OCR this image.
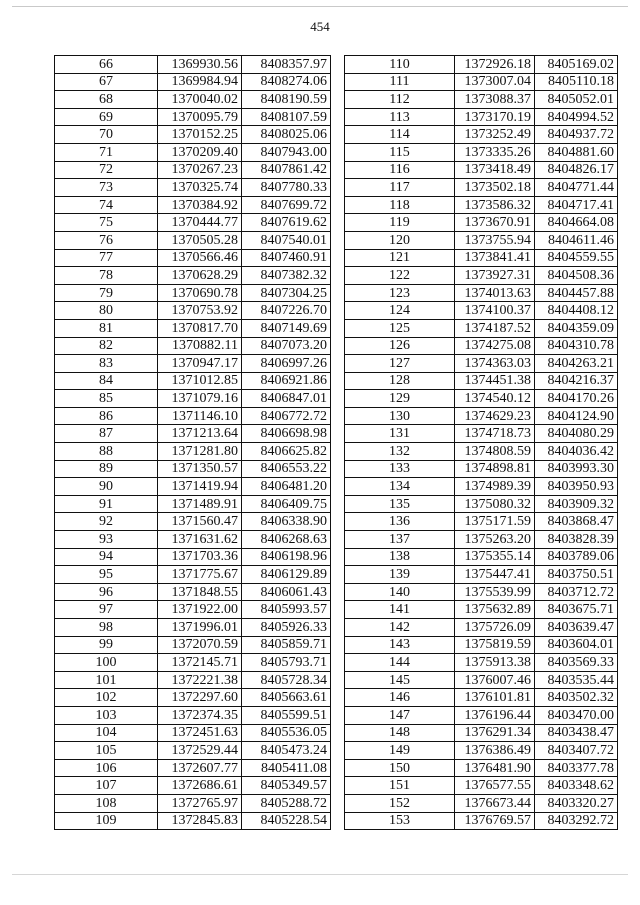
454
66	1369930.56	8408357.97
67	1369984.94	8408274.06
68	1370040.02	8408190.59
69	1370095.79	8408107.59
70	1370152.25	8408025.06
71	1370209.40	8407943.00
72	1370267.23	8407861.42
73	1370325.74	8407780.33
74	1370384.92	8407699.72
75	1370444.77	8407619.62
76	1370505.28	8407540.01
77	1370566.46	8407460.91
78	1370628.29	8407382.32
79	1370690.78	8407304.25
80	1370753.92	8407226.70
81	1370817.70	8407149.69
82	1370882.11	8407073.20
83	1370947.17	8406997.26
84	1371012.85	8406921.86
85	1371079.16	8406847.01
86	1371146.10	8406772.72
87	1371213.64	8406698.98
88	1371281.80	8406625.82
89	1371350.57	8406553.22
90	1371419.94	8406481.20
91	1371489.91	8406409.75
92	1371560.47	8406338.90
93	1371631.62	8406268.63
94	1371703.36	8406198.96
95	1371775.67	8406129.89
96	1371848.55	8406061.43
97	1371922.00	8405993.57
98	1371996.01	8405926.33
99	1372070.59	8405859.71
100	1372145.71	8405793.71
101	1372221.38	8405728.34
102	1372297.60	8405663.61
103	1372374.35	8405599.51
104	1372451.63	8405536.05
105	1372529.44	8405473.24
106	1372607.77	8405411.08
107	1372686.61	8405349.57
108	1372765.97	8405288.72
109	1372845.83	8405228.54
110	1372926.18	8405169.02
111	1373007.04	8405110.18
112	1373088.37	8405052.01
113	1373170.19	8404994.52
114	1373252.49	8404937.72
115	1373335.26	8404881.60
116	1373418.49	8404826.17
117	1373502.18	8404771.44
118	1373586.32	8404717.41
119	1373670.91	8404664.08
120	1373755.94	8404611.46
121	1373841.41	8404559.55
122	1373927.31	8404508.36
123	1374013.63	8404457.88
124	1374100.37	8404408.12
125	1374187.52	8404359.09
126	1374275.08	8404310.78
127	1374363.03	8404263.21
128	1374451.38	8404216.37
129	1374540.12	8404170.26
130	1374629.23	8404124.90
131	1374718.73	8404080.29
132	1374808.59	8404036.42
133	1374898.81	8403993.30
134	1374989.39	8403950.93
135	1375080.32	8403909.32
136	1375171.59	8403868.47
137	1375263.20	8403828.39
138	1375355.14	8403789.06
139	1375447.41	8403750.51
140	1375539.99	8403712.72
141	1375632.89	8403675.71
142	1375726.09	8403639.47
143	1375819.59	8403604.01
144	1375913.38	8403569.33
145	1376007.46	8403535.44
146	1376101.81	8403502.32
147	1376196.44	8403470.00
148	1376291.34	8403438.47
149	1376386.49	8403407.72
150	1376481.90	8403377.78
151	1376577.55	8403348.62
152	1376673.44	8403320.27
153	1376769.57	8403292.72
